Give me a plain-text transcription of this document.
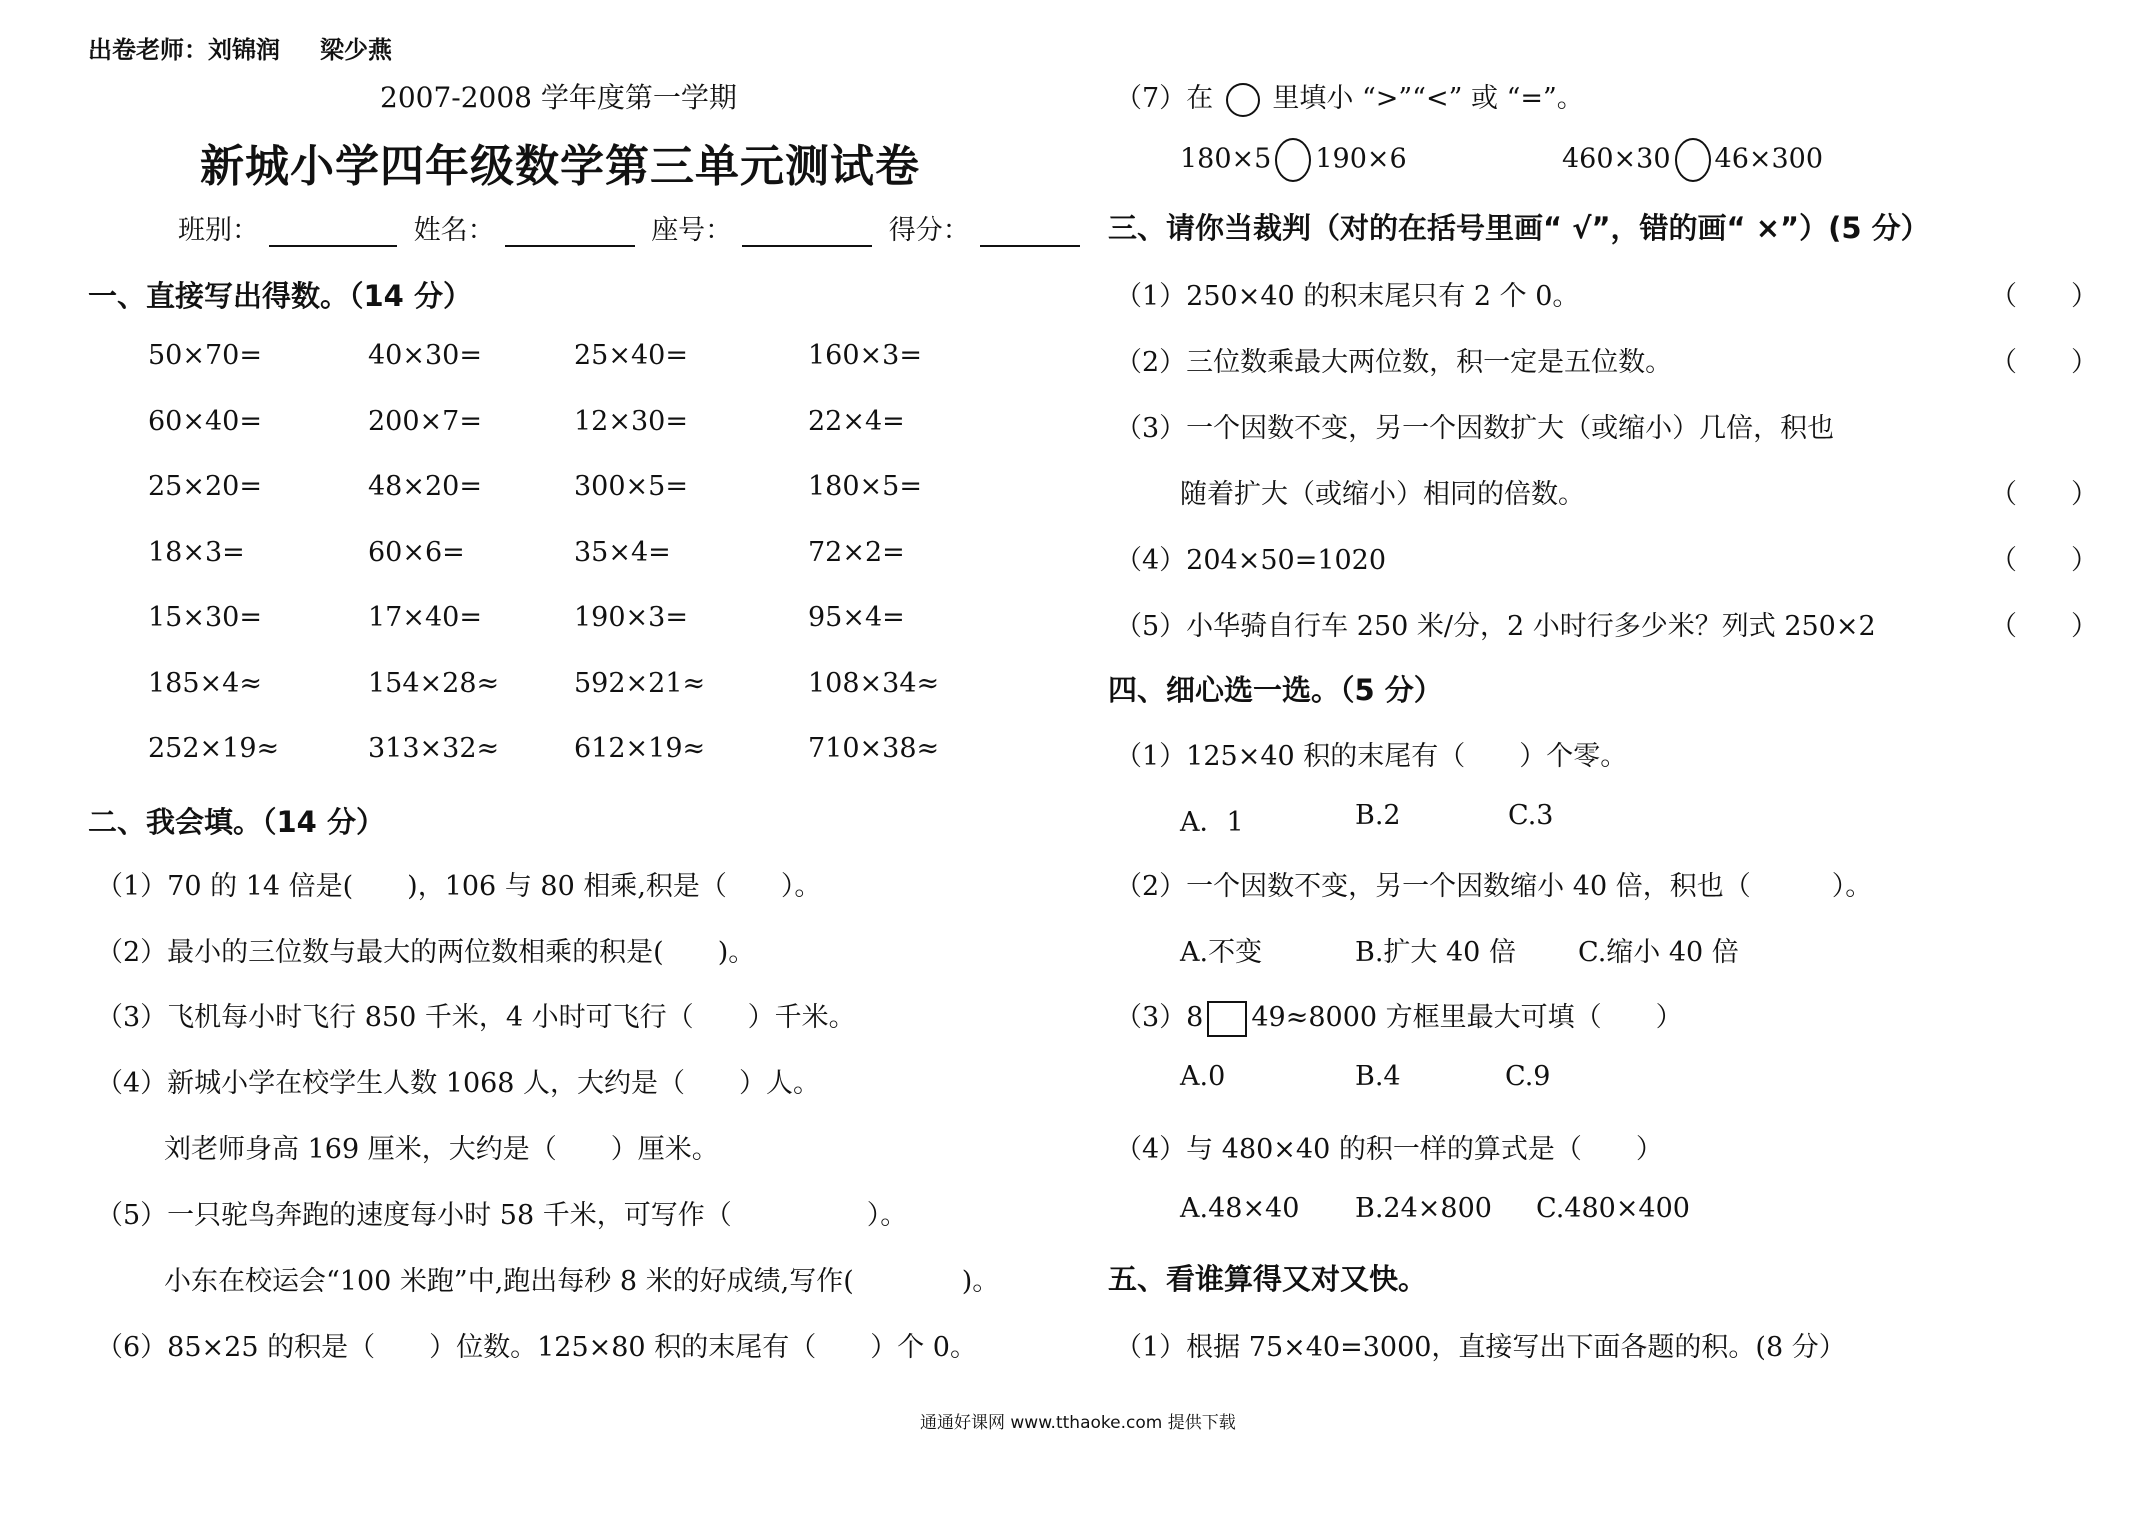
出卷老师：刘锦润 梁少燕
2007-2008 学年度第一学期
新城小学四年级数学第三单元测试卷
班别：	姓名：	座号：	得分：
一、直接写出得数。（14 分）
50×70=	40×30=	25×40=	160×3=
60×40=	200×7=	12×30=	22×4=
25×20=	48×20=	300×5=	180×5=
18×3=	60×6=	35×4=	72×2=
15×30=	17×40=	190×3=	95×4=
185×4≈	154×28≈	592×21≈	108×34≈
252×19≈	313×32≈	612×19≈	710×38≈
二、我会填。（14 分）
（1）70 的 14 倍是(　　)，106 与 80 相乘,积是（　　）。
（2）最小的三位数与最大的两位数相乘的积是(　　)。
（3）飞机每小时飞行 850 千米，4 小时可飞行（　　）千米。
（4）新城小学在校学生人数 1068 人，大约是（　　）人。
刘老师身高 169 厘米，大约是（　　）厘米。
（5）一只驼鸟奔跑的速度每小时 58 千米，可写作（　　　　　）。
小东在校运会“100 米跑”中,跑出每秒 8 米的好成绩,写作(　　　　)。
（6）85×25 的积是（　　）位数。125×80 积的末尾有（　　）个 0。
（7）在 里填小 “>”“<” 或 “=”。
180×5 190×6	460×30 46×300
三、请你当裁判（对的在括号里画“ √”，错的画“ ×”）(5 分）
（1）250×40 的积末尾只有 2 个 0。	（　　）
（2）三位数乘最大两位数，积一定是五位数。	（　　）
（3）一个因数不变，另一个因数扩大（或缩小）几倍，积也
随着扩大（或缩小）相同的倍数。	（　　）
（4）204×50=1020	（　　）
（5）小华骑自行车 250 米/分，2 小时行多少米？列式 250×2	（　　）
四、细心选一选。（5 分）
（1）125×40 积的末尾有（　　）个零。
A．1	B.2	C.3
（2）一个因数不变，另一个因数缩小 40 倍，积也（　　　）。
A.不变	B.扩大 40 倍 C.缩小 40 倍
（3）8 49≈8000 方框里最大可填（　　）
A.0	B.4	C.9
（4）与 480×40 的积一样的算式是（　　）
A.48×40 B.24×800 C.480×400
五、看谁算得又对又快。
（1）根据 75×40=3000，直接写出下面各题的积。(8 分）
通通好课网 www.tthaoke.com 提供下载
